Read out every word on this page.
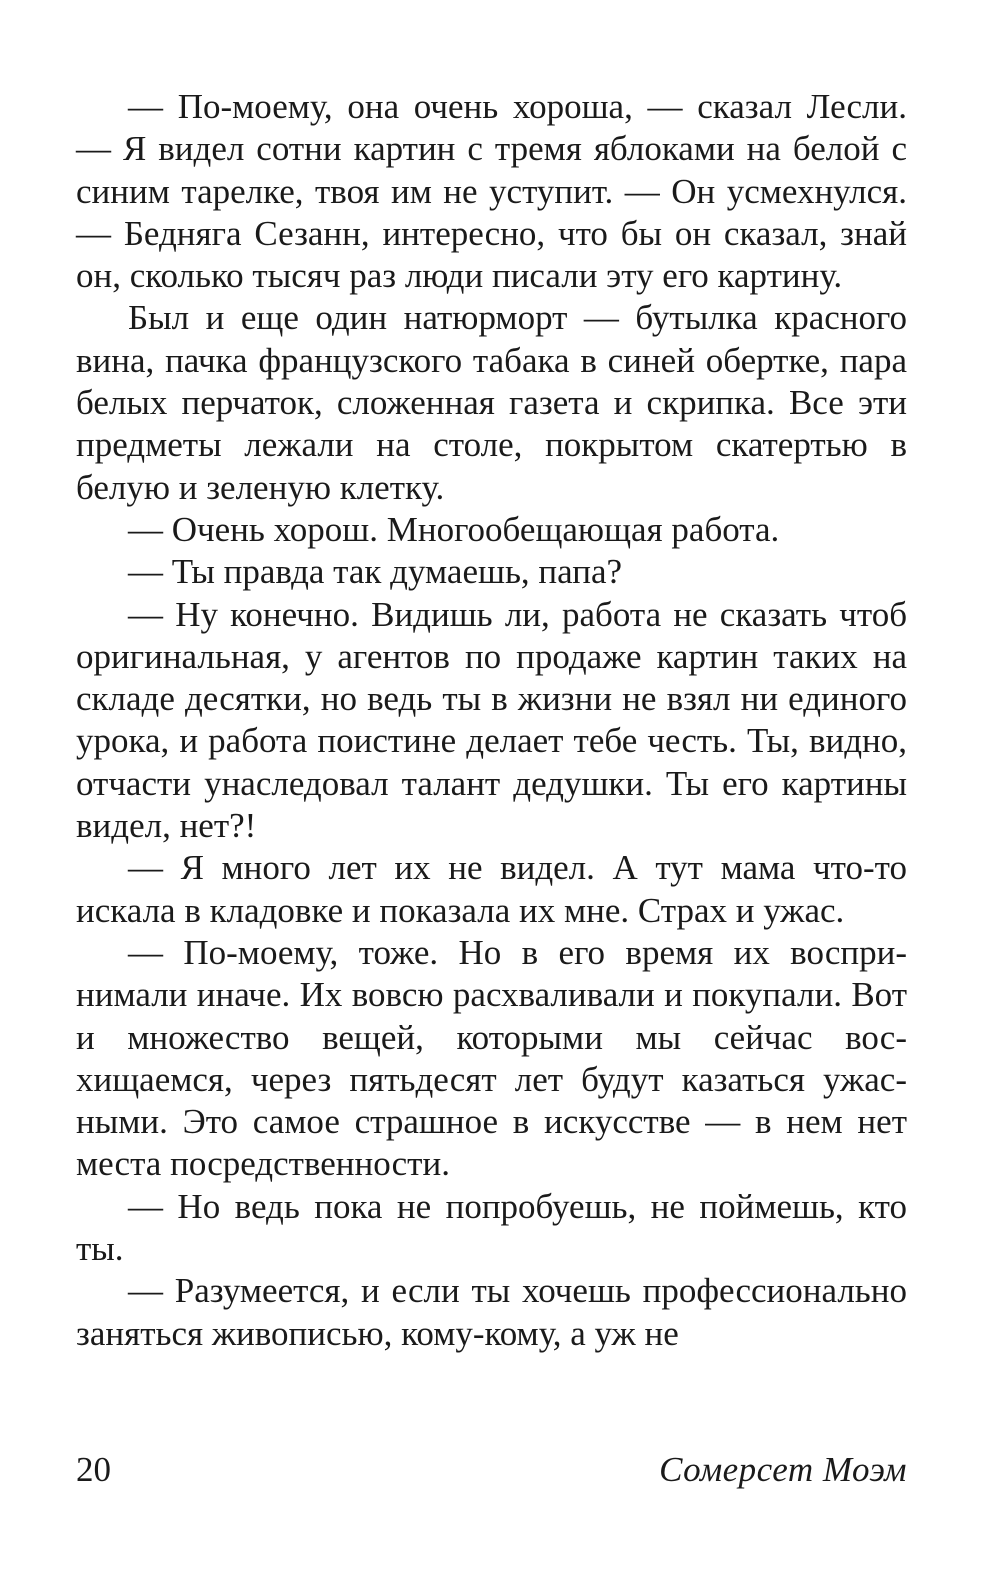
— По-моему, она очень хороша, — сказал Лесли. — Я видел сотни картин с тремя яблоками на белой с синим тарелке, твоя им не уступит. — Он усмехнулся. — Бедняга Сезанн, интересно, что бы он сказал, знай он, сколько тысяч раз люди писали эту его картину.

Был и еще один натюрморт — бутылка красного вина, пачка французского табака в синей обертке, пара белых перчаток, сложенная газета и скрипка. Все эти предметы лежали на столе, покрытом скатертью в белую и зеленую клетку.

— Очень хорош. Многообещающая работа.

— Ты правда так думаешь, папа?

— Ну конечно. Видишь ли, работа не сказать чтоб оригинальная, у агентов по продаже картин таких на складе десятки, но ведь ты в жизни не взял ни единого урока, и работа поистине делает тебе честь. Ты, видно, отчасти унаследовал талант дедушки. Ты его картины видел, нет?!

— Я много лет их не видел. А тут мама что-то искала в кладовке и показала их мне. Страх и ужас.

— По-моему, тоже. Но в его время их воспринимали иначе. Их вовсю расхваливали и покупали. Вот и множество вещей, которыми мы сейчас восхищаемся, через пятьдесят лет будут казаться ужасными. Это самое страшное в искусстве — в нем нет места посредственности.

— Но ведь пока не попробуешь, не поймешь, кто ты.

— Разумеется, и если ты хочешь профессионально заняться живописью, кому-кому, а уж не

20	Сомерсет Моэм
